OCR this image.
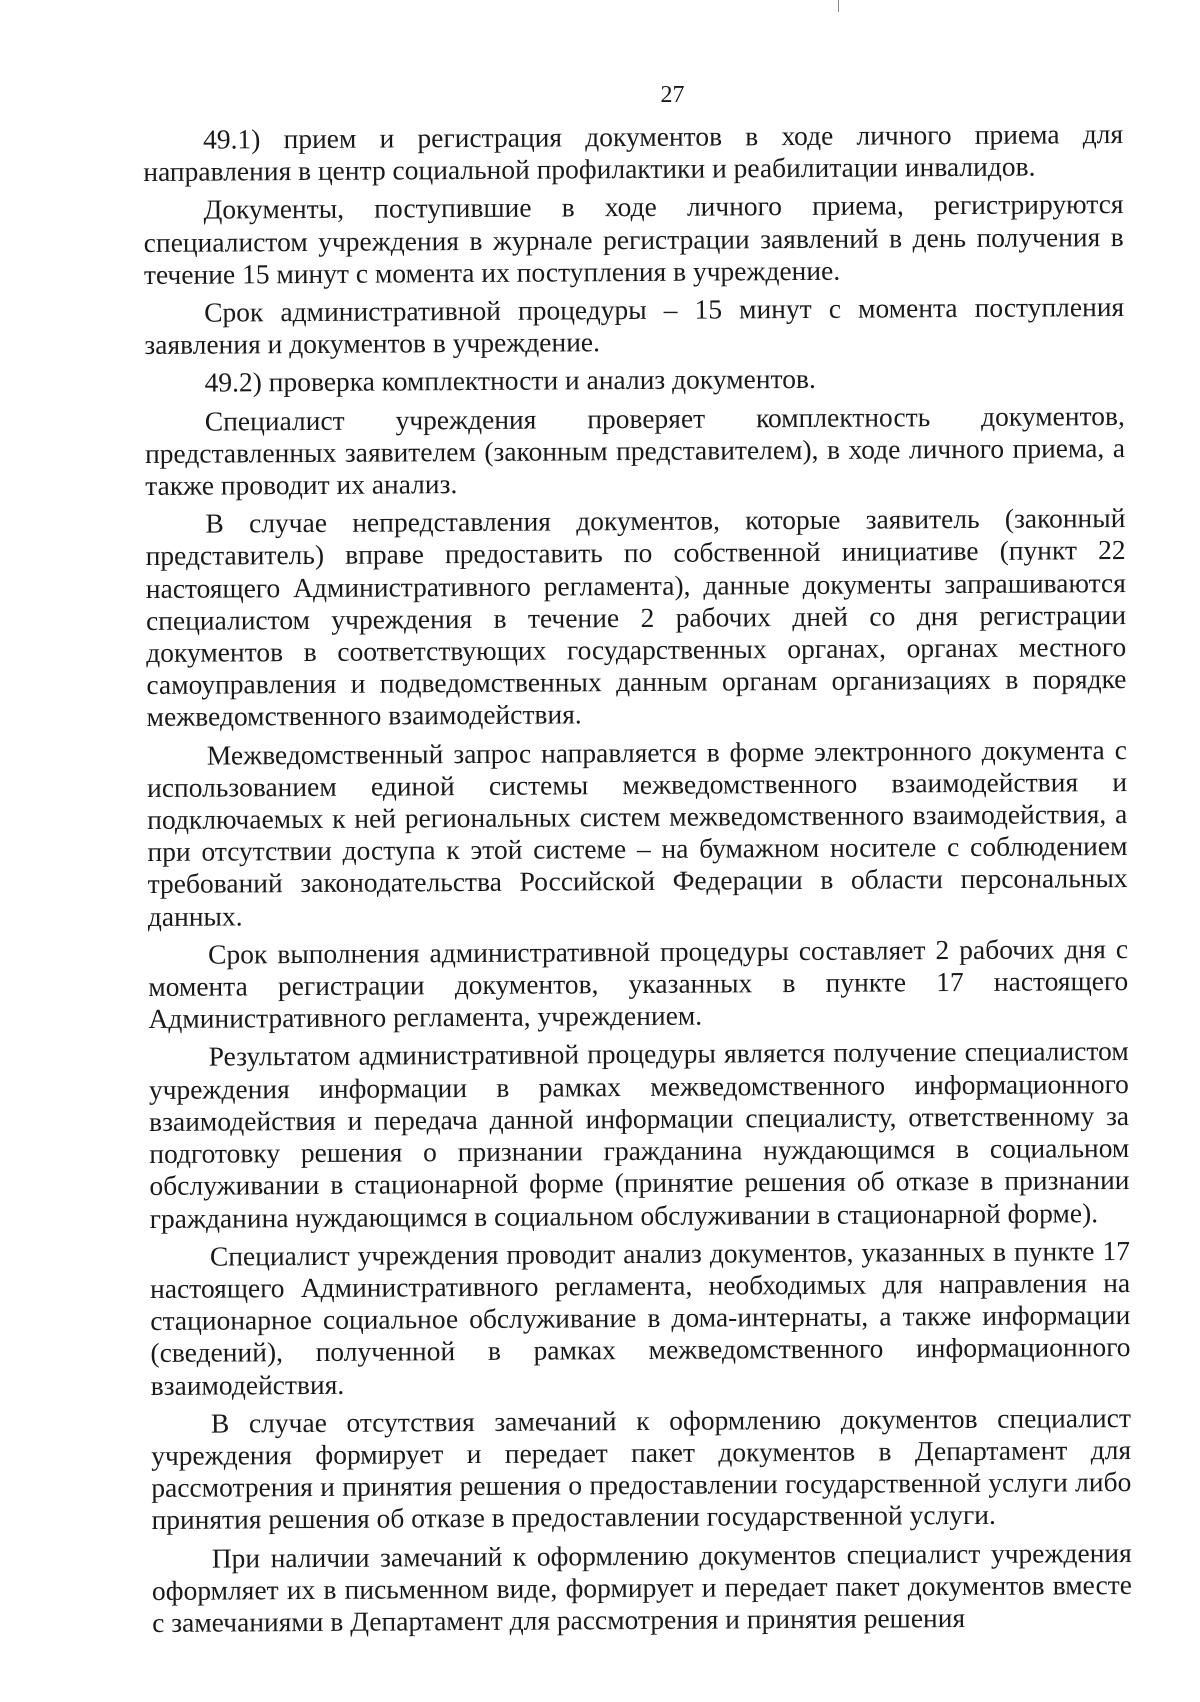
27

49.1) прием и регистрация документов в ходе личного приема для направления в центр социальной профилактики и реабилитации инвалидов.

Документы, поступившие в ходе личного приема, регистрируются специалистом учреждения в журнале регистрации заявлений в день получения в течение 15 минут с момента их поступления в учреждение.

Срок административной процедуры – 15 минут с момента поступления заявления и документов в учреждение.

49.2) проверка комплектности и анализ документов.

Специалист учреждения проверяет комплектность документов, представленных заявителем (законным представителем), в ходе личного приема, а также проводит их анализ.

В случае непредставления документов, которые заявитель (законный представитель) вправе предоставить по собственной инициативе (пункт 22 настоящего Административного регламента), данные документы запрашиваются специалистом учреждения в течение 2 рабочих дней со дня регистрации документов в соответствующих государственных органах, органах местного самоуправления и подведомственных данным органам организациях в порядке межведомственного взаимодействия.

Межведомственный запрос направляется в форме электронного документа с использованием единой системы межведомственного взаимодействия и подключаемых к ней региональных систем межведомственного взаимодействия, а при отсутствии доступа к этой системе – на бумажном носителе с соблюдением требований законодательства Российской Федерации в области персональных данных.

Срок выполнения административной процедуры составляет 2 рабочих дня с момента регистрации документов, указанных в пункте 17 настоящего Административного регламента, учреждением.

Результатом административной процедуры является получение специалистом учреждения информации в рамках межведомственного информационного взаимодействия и передача данной информации специалисту, ответственному за подготовку решения о признании гражданина нуждающимся в социальном обслуживании в стационарной форме (принятие решения об отказе в признании гражданина нуждающимся в социальном обслуживании в стационарной форме).

Специалист учреждения проводит анализ документов, указанных в пункте 17 настоящего Административного регламента, необходимых для направления на стационарное социальное обслуживание в дома-интернаты, а также информации (сведений), полученной в рамках межведомственного информационного взаимодействия.

В случае отсутствия замечаний к оформлению документов специалист учреждения формирует и передает пакет документов в Департамент для рассмотрения и принятия решения о предоставлении государственной услуги либо принятия решения об отказе в предоставлении государственной услуги.

При наличии замечаний к оформлению документов специалист учреждения оформляет их в письменном виде, формирует и передает пакет документов вместе с замечаниями в Департамент для рассмотрения и принятия решения
